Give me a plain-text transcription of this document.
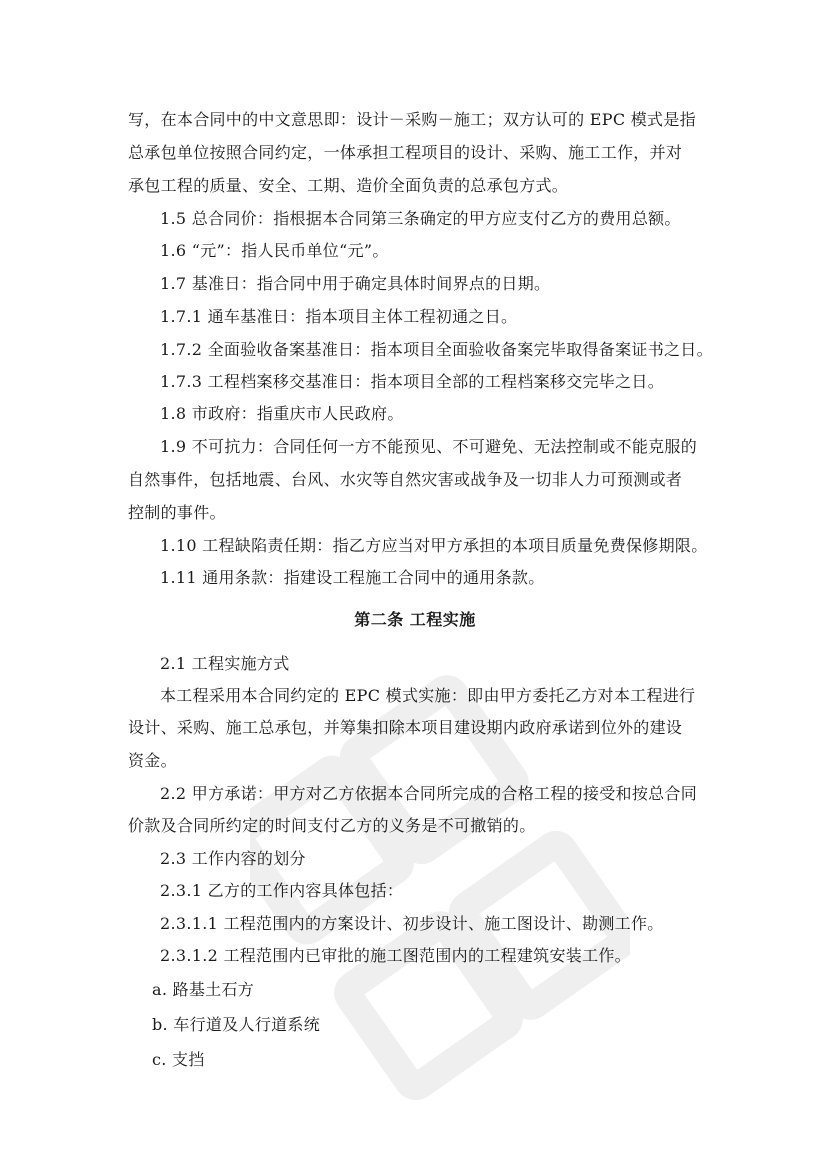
写，在本合同中的中文意思即：设计－采购－施工；双方认可的 EPC 模式是指
总承包单位按照合同约定，一体承担工程项目的设计、采购、施工工作，并对
承包工程的质量、安全、工期、造价全面负责的总承包方式。
1.5 总合同价：指根据本合同第三条确定的甲方应支付乙方的费用总额。
1.6 “元”：指人民币单位“元”。
1.7 基准日：指合同中用于确定具体时间界点的日期。
1.7.1 通车基准日：指本项目主体工程初通之日。
1.7.2 全面验收备案基准日：指本项目全面验收备案完毕取得备案证书之日。
1.7.3 工程档案移交基准日：指本项目全部的工程档案移交完毕之日。
1.8 市政府：指重庆市人民政府。
1.9 不可抗力：合同任何一方不能预见、不可避免、无法控制或不能克服的
自然事件，包括地震、台风、水灾等自然灾害或战争及一切非人力可预测或者
控制的事件。
1.10 工程缺陷责任期：指乙方应当对甲方承担的本项目质量免费保修期限。
1.11 通用条款：指建设工程施工合同中的通用条款。
第二条 工程实施
2.1 工程实施方式
本工程采用本合同约定的 EPC 模式实施：即由甲方委托乙方对本工程进行
设计、采购、施工总承包，并筹集扣除本项目建设期内政府承诺到位外的建设
资金。
2.2 甲方承诺：甲方对乙方依据本合同所完成的合格工程的接受和按总合同
价款及合同所约定的时间支付乙方的义务是不可撤销的。
2.3 工作内容的划分
2.3.1 乙方的工作内容具体包括：
2.3.1.1 工程范围内的方案设计、初步设计、施工图设计、勘测工作。
2.3.1.2 工程范围内已审批的施工图范围内的工程建筑安装工作。
a. 路基土石方
b. 车行道及人行道系统
c. 支挡
